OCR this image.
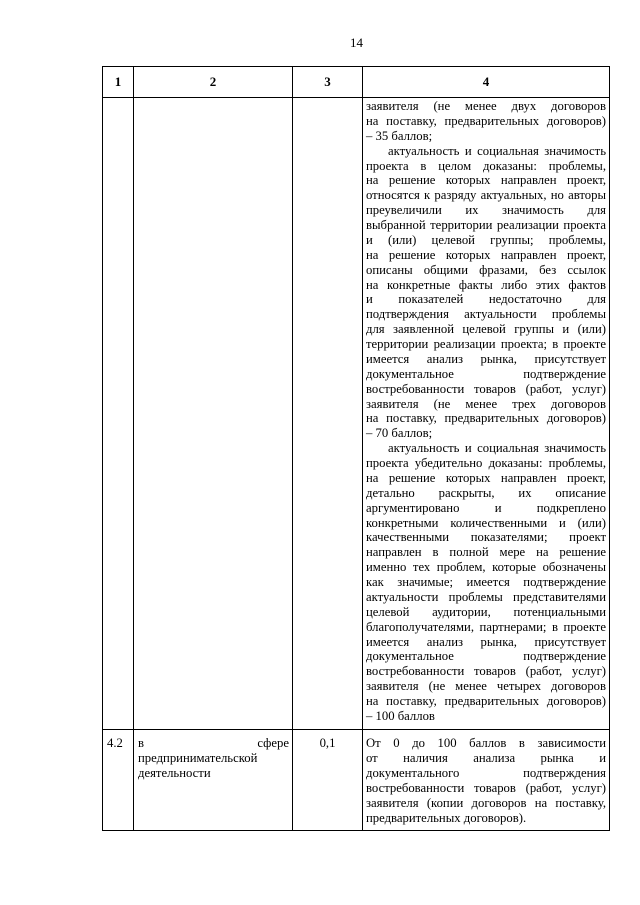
14
1	2	3	4
заявителя (не менее двух договоров
на поставку, предварительных договоров)
– 35 баллов;
актуальность и социальная значимость
проекта в целом доказаны: проблемы,
на решение которых направлен проект,
относятся к разряду актуальных, но авторы
преувеличили их значимость для
выбранной территории реализации проекта
и (или) целевой группы; проблемы,
на решение которых направлен проект,
описаны общими фразами, без ссылок
на конкретные факты либо этих фактов
и показателей недостаточно для
подтверждения актуальности проблемы
для заявленной целевой группы и (или)
территории реализации проекта; в проекте
имеется анализ рынка, присутствует
документальное подтверждение
востребованности товаров (работ, услуг)
заявителя (не менее трех договоров
на поставку, предварительных договоров)
– 70 баллов;
актуальность и социальная значимость
проекта убедительно доказаны: проблемы,
на решение которых направлен проект,
детально раскрыты, их описание
аргументировано и подкреплено
конкретными количественными и (или)
качественными показателями; проект
направлен в полной мере на решение
именно тех проблем, которые обозначены
как значимые; имеется подтверждение
актуальности проблемы представителями
целевой аудитории, потенциальными
благополучателями, партнерами; в проекте
имеется анализ рынка, присутствует
документальное подтверждение
востребованности товаров (работ, услуг)
заявителя (не менее четырех договоров
на поставку, предварительных договоров)
– 100 баллов
4.2	в сфере
предпринимательской
деятельности
0,1	От 0 до 100 баллов в зависимости
от наличия анализа рынка и
документального подтверждения
востребованности товаров (работ, услуг)
заявителя (копии договоров на поставку,
предварительных договоров).
